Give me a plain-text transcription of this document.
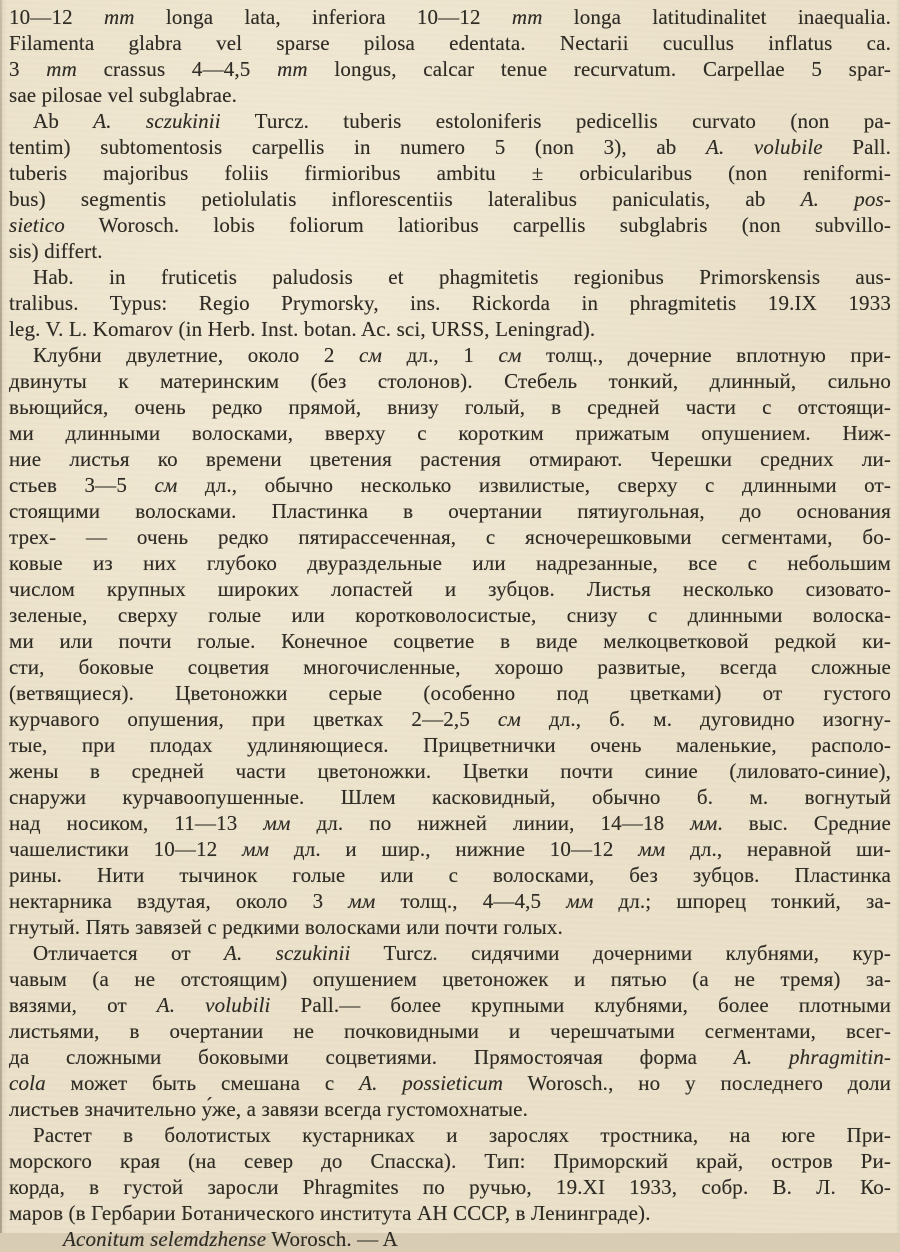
10—12 mm longa lata, inferiora 10—12 mm longa latitudinalitet inaequalia.
Filamenta glabra vel sparse pilosa edentata. Nectarii cucullus inflatus ca.
3 mm crassus 4—4,5 mm longus, calcar tenue recurvatum. Carpellae 5 spar-
sae pilosae vel subglabrae.
Ab A. sczukinii Turcz. tuberis estoloniferis pedicellis curvato (non pa-
tentim) subtomentosis carpellis in numero 5 (non 3), ab A. volubile Pall.
tuberis majoribus foliis firmioribus ambitu ± orbicularibus (non reniformi-
bus) segmentis petiolulatis inflorescentiis lateralibus paniculatis, ab A. pos-
sietico Worosch. lobis foliorum latioribus carpellis subglabris (non subvillo-
sis) differt.
Hab. in fruticetis paludosis et phagmitetis regionibus Primorskensis aus-
tralibus. Typus: Regio Prymorsky, ins. Rickorda in phragmitetis 19.IX 1933
leg. V. L. Komarov (in Herb. Inst. botan. Ac. sci, URSS, Leningrad).
Клубни двулетние, около 2 см дл., 1 см толщ., дочерние вплотную при-
двинуты к материнским (без столонов). Стебель тонкий, длинный, сильно
вьющийся, очень редко прямой, внизу голый, в средней части с отстоящи-
ми длинными волосками, вверху с коротким прижатым опушением. Ниж-
ние листья ко времени цветения растения отмирают. Черешки средних ли-
стьев 3—5 см дл., обычно несколько извилистые, сверху с длинными от-
стоящими волосками. Пластинка в очертании пятиугольная, до основания
трех- — очень редко пятирассеченная, с ясночерешковыми сегментами, бо-
ковые из них глубоко двураздельные или надрезанные, все с небольшим
числом крупных широких лопастей и зубцов. Листья несколько сизовато-
зеленые, сверху голые или коротковолосистые, снизу с длинными волоска-
ми или почти голые. Конечное соцветие в виде мелкоцветковой редкой ки-
сти, боковые соцветия многочисленные, хорошо развитые, всегда сложные
(ветвящиеся). Цветоножки серые (особенно под цветками) от густого
курчавого опушения, при цветках 2—2,5 см дл., б. м. дуговидно изогну-
тые, при плодах удлиняющиеся. Прицветнички очень маленькие, располо-
жены в средней части цветоножки. Цветки почти синие (лиловато-синие),
снаружи курчавоопушенные. Шлем касковидный, обычно б. м. вогнутый
над носиком, 11—13 мм дл. по нижней линии, 14—18 мм. выс. Средние
чашелистики 10—12 мм дл. и шир., нижние 10—12 мм дл., неравной ши-
рины. Нити тычинок голые или с волосками, без зубцов. Пластинка
нектарника вздутая, около 3 мм толщ., 4—4,5 мм дл.; шпорец тонкий, за-
гнутый. Пять завязей с редкими волосками или почти голых.
Отличается от A. sczukinii Turcz. сидячими дочерними клубнями, кур-
чавым (а не отстоящим) опушением цветоножек и пятью (а не тремя) за-
вязями, от A. volubili Pall.— более крупными клубнями, более плотными
листьями, в очертании не почковидными и черешчатыми сегментами, всег-
да сложными боковыми соцветиями. Прямостоячая форма A. phragmitin-
cola может быть смешана с A. possieticum Worosch., но у последнего доли
листьев значительно у́же, а завязи всегда густомохнатые.
Растет в болотистых кустарниках и зарослях тростника, на юге При-
морского края (на север до Спасска). Тип: Приморский край, остров Ри-
корда, в густой заросли Phragmites по ручью, 19.XI 1933, собр. В. Л. Ко-
маров (в Гербарии Ботанического института АН СССР, в Ленинграде).
Aconitum selemdzhense Worosch. — A
